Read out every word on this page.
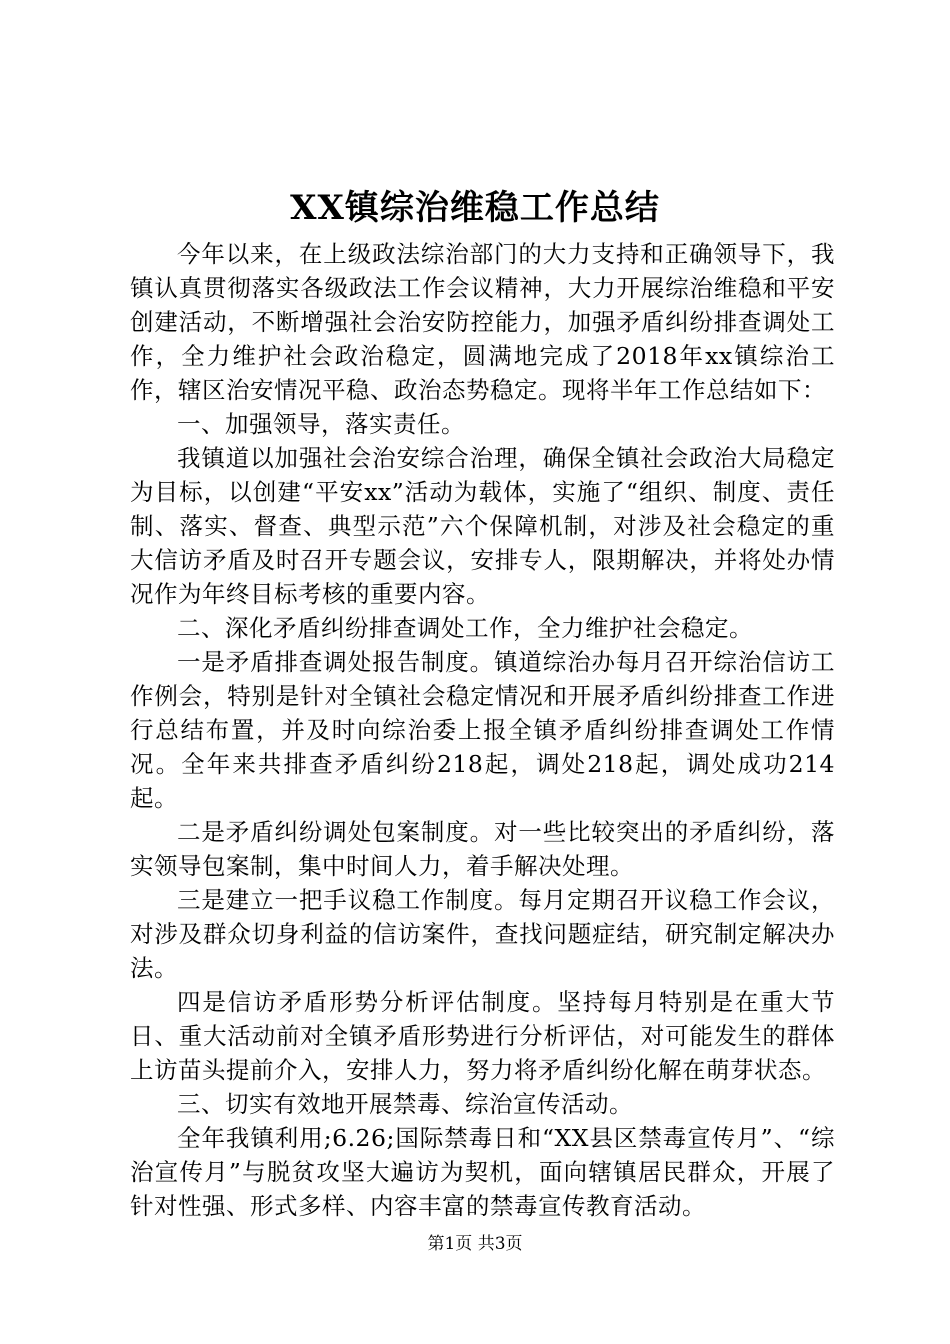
XX镇综治维稳工作总结

今年以来，在上级政法综治部门的大力支持和正确领导下，我镇认真贯彻落实各级政法工作会议精神，大力开展综治维稳和平安创建活动，不断增强社会治安防控能力，加强矛盾纠纷排查调处工作，全力维护社会政治稳定，圆满地完成了2018年xx镇综治工作，辖区治安情况平稳、政治态势稳定。现将半年工作总结如下：

一、加强领导，落实责任。

我镇道以加强社会治安综合治理，确保全镇社会政治大局稳定为目标，以创建“平安xx”活动为载体，实施了“组织、制度、责任制、落实、督查、典型示范”六个保障机制，对涉及社会稳定的重大信访矛盾及时召开专题会议，安排专人，限期解决，并将处办情况作为年终目标考核的重要内容。

二、深化矛盾纠纷排查调处工作，全力维护社会稳定。

一是矛盾排查调处报告制度。镇道综治办每月召开综治信访工作例会，特别是针对全镇社会稳定情况和开展矛盾纠纷排查工作进行总结布置，并及时向综治委上报全镇矛盾纠纷排查调处工作情况。全年来共排查矛盾纠纷218起，调处218起，调处成功214起。

二是矛盾纠纷调处包案制度。对一些比较突出的矛盾纠纷，落实领导包案制，集中时间人力，着手解决处理。

三是建立一把手议稳工作制度。每月定期召开议稳工作会议，对涉及群众切身利益的信访案件，查找问题症结，研究制定解决办法。

四是信访矛盾形势分析评估制度。坚持每月特别是在重大节日、重大活动前对全镇矛盾形势进行分析评估，对可能发生的群体上访苗头提前介入，安排人力，努力将矛盾纠纷化解在萌芽状态。

三、切实有效地开展禁毒、综治宣传活动。

全年我镇利用;6.26;国际禁毒日和“XX县区禁毒宣传月”、“综治宣传月”与脱贫攻坚大遍访为契机，面向辖镇居民群众，开展了针对性强、形式多样、内容丰富的禁毒宣传教育活动。

第1页 共3页
